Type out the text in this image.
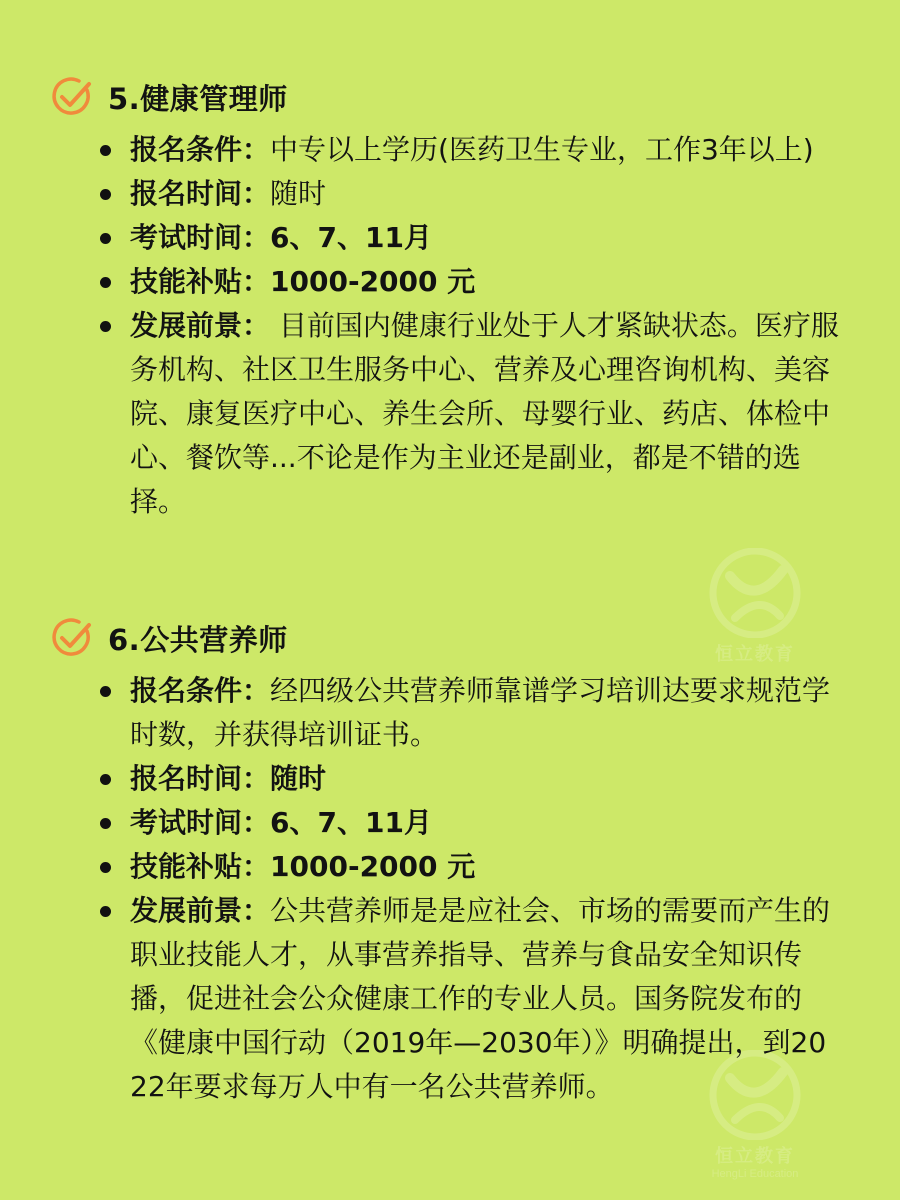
恒立教育
恒立教育
HengLi Education
5.健康管理师
报名条件：中专以上学历(医药卫生专业，工作3年以上)
报名时间：随时
考试时间：6、7、11月
技能补贴：1000-2000 元
发展前景： 目前国内健康行业处于人才紧缺状态。医疗服务机构、社区卫生服务中心、营养及心理咨询机构、美容院、康复医疗中心、养生会所、母婴行业、药店、体检中心、餐饮等...不论是作为主业还是副业，都是不错的选择。
6.公共营养师
报名条件：经四级公共营养师靠谱学习培训达要求规范学时数，并获得培训证书。
报名时间：随时
考试时间：6、7、11月
技能补贴：1000-2000 元
发展前景：公共营养师是是应社会、市场的需要而产生的职业技能人才，从事营养指导、营养与食品安全知识传播，促进社会公众健康工作的专业人员。国务院发布的《健康中国行动（2019年—2030年）》明确提出，到2022年要求每万人中有一名公共营养师。
